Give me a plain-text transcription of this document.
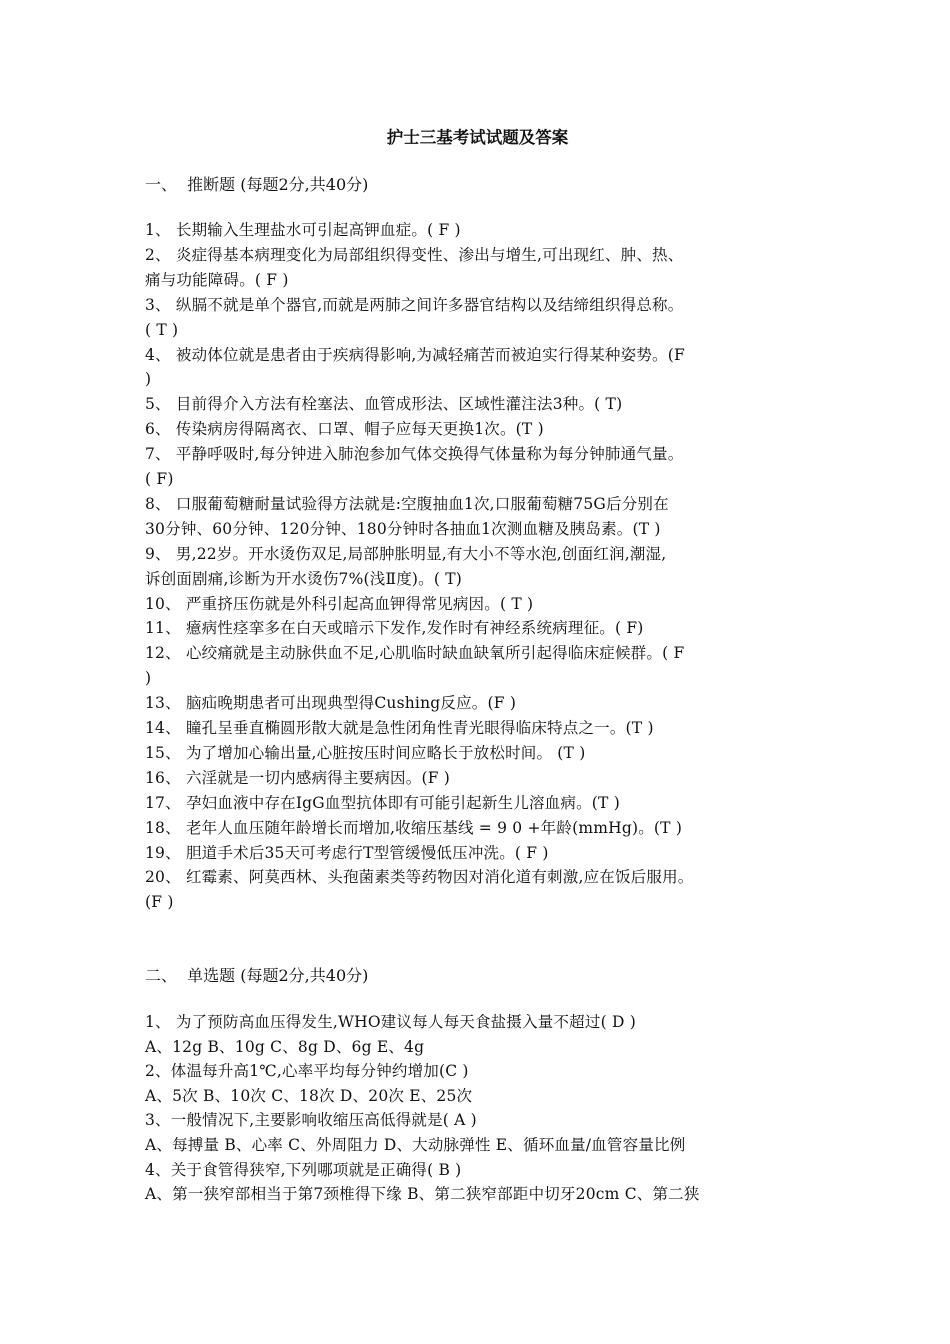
护士三基考试试题及答案
一、  推断题 (每题2分,共40分)
1、 长期输入生理盐水可引起高钾血症。( F )
2、 炎症得基本病理变化为局部组织得变性、渗出与增生,可出现红、肿、热、
痛与功能障碍。( F )
3、 纵膈不就是单个器官,而就是两肺之间许多器官结构以及结缔组织得总称。
( T )
4、 被动体位就是患者由于疾病得影响,为减轻痛苦而被迫实行得某种姿势。(F
)
5、 目前得介入方法有栓塞法、血管成形法、区域性灌注法3种。( T)
6、 传染病房得隔离衣、口罩、帽子应每天更换1次。(T )
7、 平静呼吸时,每分钟进入肺泡参加气体交换得气体量称为每分钟肺通气量。
( F)
8、 口服葡萄糖耐量试验得方法就是:空腹抽血1次,口服葡萄糖75G后分别在
30分钟、60分钟、120分钟、180分钟时各抽血1次测血糖及胰岛素。(T )
9、 男,22岁。开水烫伤双足,局部肿胀明显,有大小不等水泡,创面红润,潮湿,
诉创面剧痛,诊断为开水烫伤7%(浅Ⅱ度)。( T)
10、 严重挤压伤就是外科引起高血钾得常见病因。( T )
11、 癔病性痉挛多在白天或暗示下发作,发作时有神经系统病理征。( F)
12、 心绞痛就是主动脉供血不足,心肌临时缺血缺氧所引起得临床症候群。( F
)
13、 脑疝晚期患者可出现典型得Cushing反应。(F )
14、 瞳孔呈垂直椭圆形散大就是急性闭角性青光眼得临床特点之一。(T )
15、 为了增加心输出量,心脏按压时间应略长于放松时间。 (T )
16、 六淫就是一切内感病得主要病因。(F )
17、 孕妇血液中存在IgG血型抗体即有可能引起新生儿溶血病。(T )
18、 老年人血压随年龄增长而增加,收缩压基线 = 9 0 +年龄(mmHg)。(T )
19、 胆道手术后35天可考虑行T型管缓慢低压冲洗。( F )
20、 红霉素、阿莫西林、头孢菌素类等药物因对消化道有刺激,应在饭后服用。
(F )
二、  单选题 (每题2分,共40分)
1、 为了预防高血压得发生,WHO建议每人每天食盐摄入量不超过( D )
A、12g B、10g C、8g D、6g E、4g
2、体温每升高1℃,心率平均每分钟约增加(C )
A、5次 B、10次 C、18次 D、20次 E、25次
3、一般情况下,主要影响收缩压高低得就是( A )
A、每搏量 B、心率 C、外周阻力 D、大动脉弹性 E、循环血量/血管容量比例
4、关于食管得狭窄,下列哪项就是正确得( B )
A、第一狭窄部相当于第7颈椎得下缘 B、第二狭窄部距中切牙20cm C、第二狭
